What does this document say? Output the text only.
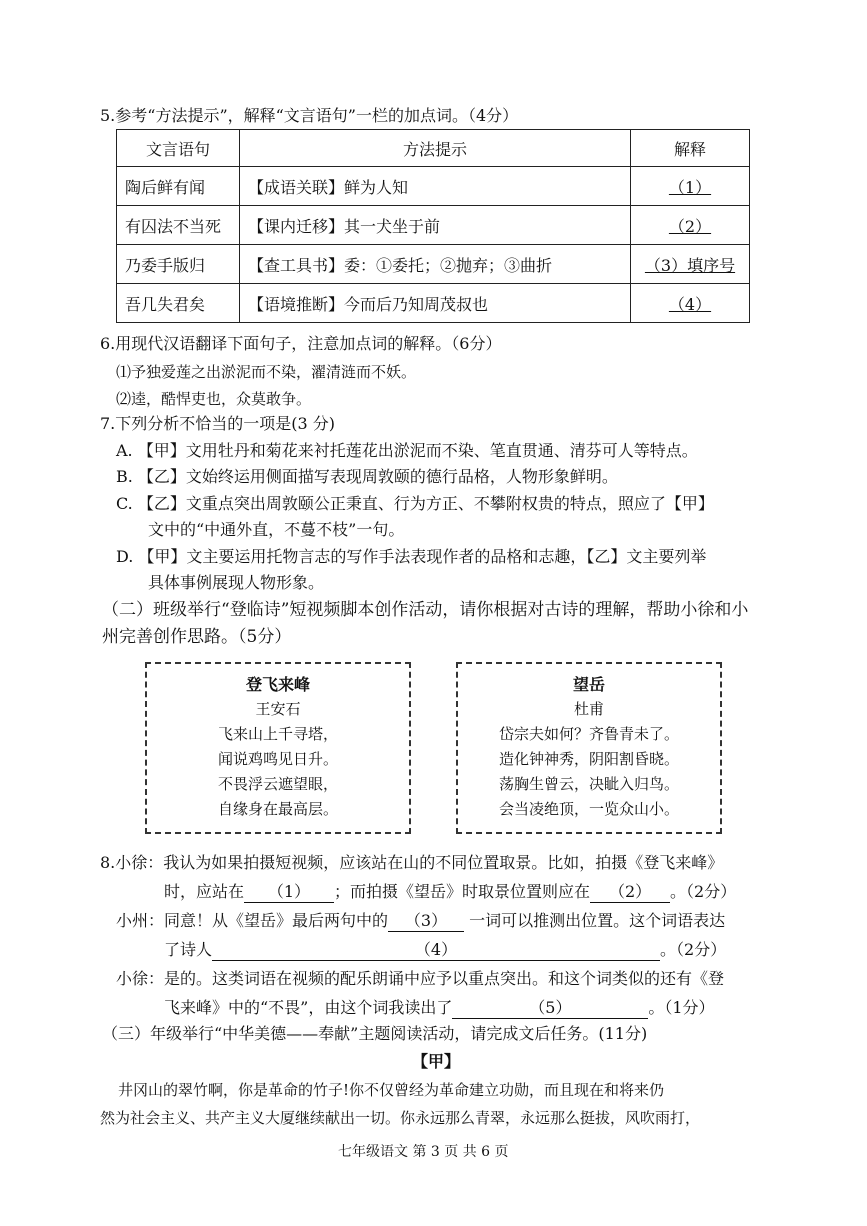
5.参考“方法提示”，解释“文言语句”一栏的加点词。（4分）
文言语句	方法提示	解释
陶后鲜有闻	【成语关联】鲜为人知	（1）
有囚法不当死	【课内迁移】其一犬坐于前	（2）
乃委手版归	【查工具书】委：①委托；②抛弃；③曲折	（3）填序号
吾几失君矣	【语境推断】今而后乃知周茂叔也	（4）
6.用现代汉语翻译下面句子，注意加点词的解释。（6分）
⑴予独爱莲之出淤泥而不染，濯清涟而不妖。
⑵逵，酷悍吏也，众莫敢争。
7.下列分析不恰当的一项是(3 分)
A. 【甲】文用牡丹和菊花来衬托莲花出淤泥而不染、笔直贯通、清芬可人等特点。
B. 【乙】文始终运用侧面描写表现周敦颐的德行品格，人物形象鲜明。
C. 【乙】文重点突出周敦颐公正秉直、行为方正、不攀附权贵的特点，照应了【甲】
文中的“中通外直，不蔓不枝”一句。
D. 【甲】文主要运用托物言志的写作手法表现作者的品格和志趣，【乙】文主要列举
具体事例展现人物形象。
（二）班级举行“登临诗”短视频脚本创作活动，请你根据对古诗的理解，帮助小徐和小
州完善创作思路。（5分）
登飞来峰
王安石
飞来山上千寻塔，
闻说鸡鸣见日升。
不畏浮云遮望眼，
自缘身在最高层。
望岳
杜甫
岱宗夫如何？齐鲁青未了。
造化钟神秀，阴阳割昏晓。
荡胸生曾云，决眦入归鸟。
会当凌绝顶，一览众山小。
8.小徐：我认为如果拍摄短视频，应该站在山的不同位置取景。比如，拍摄《登飞来峰》
时，应站在 （1） ；而拍摄《望岳》时取景位置则应在 （2） 。（2分）
小州：同意！从《望岳》最后两句中的 （3） 一词可以推测出位置。这个词语表达
了诗人	（4）	。（2分）
小徐：是的。这类词语在视频的配乐朗诵中应予以重点突出。和这个词类似的还有《登
飞来峰》中的“不畏”，由这个词我读出了	（5）	。（1分）
（三）年级举行“中华美德——奉献”主题阅读活动，请完成文后任务。(11分)
【甲】
井冈山的翠竹啊，你是革命的竹子!你不仅曾经为革命建立功勋，而且现在和将来仍
然为社会主义、共产主义大厦继续献出一切。你永远那么青翠，永远那么挺拔，风吹雨打，
七年级语文 第 3 页 共 6 页
